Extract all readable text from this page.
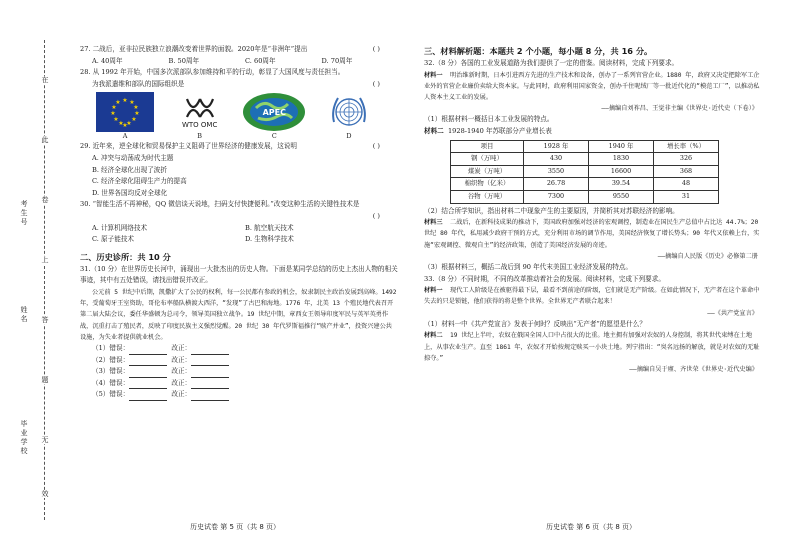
在
此
卷
上
答
题
无
效
考生号
姓名
毕业学校
27. 二战后，亚非拉民族独立浪潮改变着世界的面貌。2020年是“非洲年”提出	( )
A. 40周年	B. 50周年	C. 60周年	D. 70周年
28. 从 1992 年开始，中国多次派部队参加维持和平的行动，彰显了大国风度与责任担当。
为我派遣维和部队的国际组织是	( )
★ ★
★
★
★
★
★
★
★
★
★
★
A
WTO OMC
B
APEC
C	D
29. 近年来，逆全球化和贸易保护主义阻碍了世界经济的健康发展，这说明	( )
A. 冲突与动荡成为时代主题
B. 经济全球化出现了波折
C. 经济全球化阻碍生产力的提高
D. 世界各国均反对全球化
30. “智能生活不再神秘，QQ 微信谈天说地，扫码支付快捷便利。”改变这种生活的关键性技术是
( )
A. 计算机网络技术	B. 航空航天技术
C. 原子能技术	D. 生物科学技术
二、历史诊所：共 10 分
31.（10 分）在世界历史长河中，涌现出一大批杰出的历史人物。下面是某同学总结的历史上杰出人物的相关事迹，其中有五处错误，请找出错误并改正。
公元前 5 世纪中后期，凯撒扩大了公民的权利，每一公民都有参政的机会，奴隶制民主政治发展到高峰。1492 年，受葡萄牙王室资助，哥伦布率船队横渡大西洋，“发现”了古巴和海地。1776 年，北美 13 个殖民地代表召开第二届大陆会议，委任华盛顿为总司令，领导美国独立战争。19 世纪中期，章西女王领导印度军民与英军英勇作战，沉重打击了殖民者，反映了印度民族主义强烈觉醒。20 世纪 30 年代罗斯福推行“赎产并业”，投资兴建公共设施，为失业者提供就业机会。
（1）错误：	改正：
（2）错误：	改正：
（3）错误：	改正：
（4）错误：	改正：
（5）错误：	改正：
历史试卷 第 5 页（共 8 页）
三、材料解析题：本题共 2 个小题，每小题 8 分，共 16 分。
32.（8 分）各国的工业发展道路为我们提供了一定的借鉴。阅读材料，完成下列要求。
材料一 明治维新时期，日本引进西方先进的生产技术和设备，创办了一系列官营企业。1880 年，政府又决定把除军工企业外的官营企业廉价卖给大资本家。与此同时，政府利用国家资金，创办千住呢绒厂等一批近代化的“模范工厂”，以推动私人资本主义工业的发展。
——摘编自刘祚昌、王觉非主编《世界史·近代史（下卷）》
（1）根据材料一概括日本工业发展的特点。
材料二 1928-1940 年苏联部分产业增长表
项目	1928 年	1940 年	增长率（%）
钢（万吨）	430	1830	326
煤炭（万吨）	3550	16600	368
棉织物（亿米）	26.78	39.54	48
谷物（万吨）	7300	9550	31
（2）结合所学知识，指出材料二中现象产生的主要原因，并简析其对苏联经济的影响。
材料三 二战后，在新科技成果的推动下，美国政府加强对经济的宏观调控，制造业在国民生产总值中占比达 44.7%；20 世纪 80 年代，私用减少政府干预的方式，充分利用市场的调节作用，美国经济恢复了增长势头；90 年代又依赖上台，实施“宏观调控、微观自主”的经济政策，创造了美国经济发展的奇迹。
——摘编自人民版《历史》必修第二册
（3）根据材料三，概括二战后到 90 年代末美国工业经济发展的特点。
33.（8 分）不同时期，不同的改革推动着社会的发展。阅读材料，完成下列要求。
材料一 现代工人阶级是在被驱得最下层，最看不到前途的阶级，它们就是无产阶级。在如此情况下，无产者在这个革命中失去的只是锁链，他们获得的将是整个世界。全世界无产者联合起来！
——《共产党宣言》
（1）材料一中《共产党宣言》发表于何时？反映出“无产者”的愿望是什么？
材料二 19 世纪上半叶，农奴在俄国全国人口中占很大的比重。地主拥有加强对农奴的人身控制，将其世代束缚在土地上，从事农业生产。直至 1861 年，农奴才开始按规定赎买一小块土地。列宁指出：“臭名远扬的解放，就是对农奴的无耻掠夺。”
——摘编自吴于廑、齐世荣《世界史·近代史编》
历史试卷 第 6 页（共 8 页）
